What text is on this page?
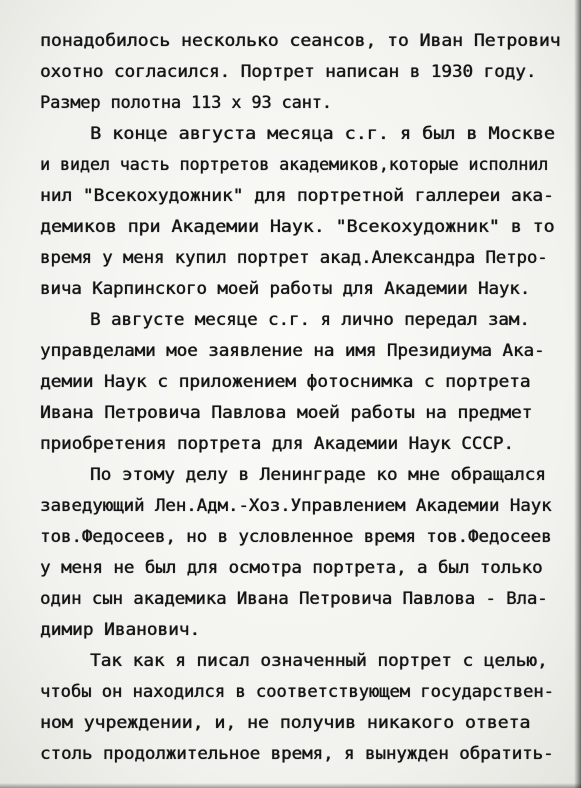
понадобилось несколько сеансов, то Иван Петрович
охотно согласился. Портрет написан в 1930 году.
Размер полотна 113 х 93 сант.
В конце августа месяца с.г. я был в Москве
и видел часть портретов академиков,которые исполнил
нил "Всекохудожник" для портретной галлереи ака-
демиков при Академии Наук. "Всекохудожник" в то
время у меня купил портрет акад.Александра Петро-
вича Карпинского моей работы для Академии Наук.
В августе месяце с.г. я лично передал зам.
управделами мое заявление на имя Президиума Ака-
демии Наук с приложением фотоснимка с портрета
Ивана Петровича Павлова моей работы на предмет
приобретения портрета для Академии Наук СССР.
По этому делу в Ленинграде ко мне обращался
заведующий Лен.Адм.-Хоз.Управлением Академии Наук
тов.Федосеев, но в условленное время тов.Федосеев
у меня не был для осмотра портрета, а был только
один сын академика Ивана Петровича Павлова - Вла-
димир Иванович.
Так как я писал означенный портрет с целью,
чтобы он находился в соответствующем государствен-
ном учреждении, и, не получив никакого ответа
столь продолжительное время, я вынужден обратить-
